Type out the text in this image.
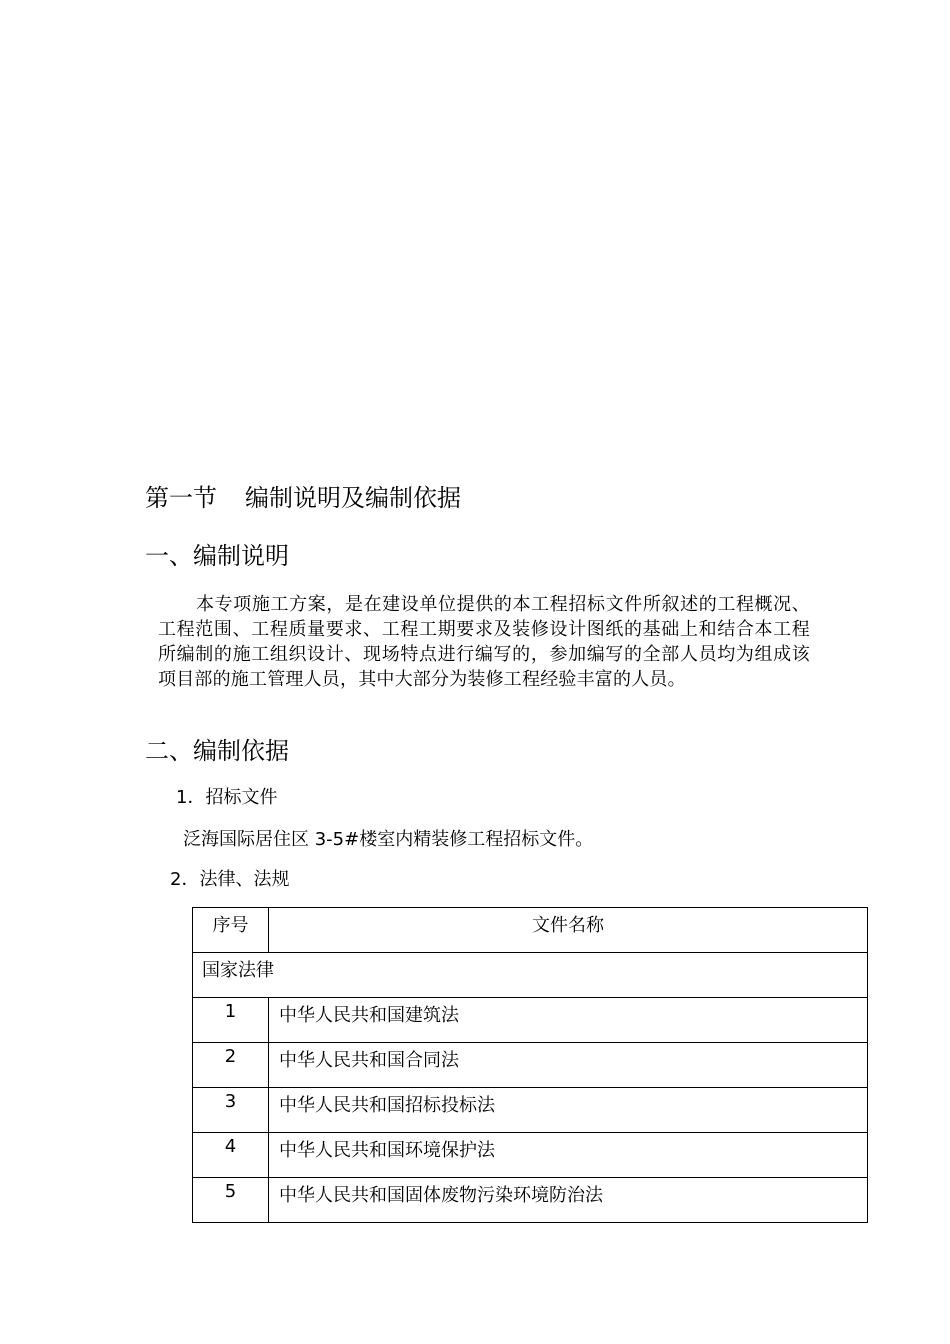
第一节 编制说明及编制依据
一、编制说明
本专项施工方案，是在建设单位提供的本工程招标文件所叙述的工程概况、工程范围、工程质量要求、工程工期要求及装修设计图纸的基础上和结合本工程所编制的施工组织设计、现场特点进行编写的，参加编写的全部人员均为组成该项目部的施工管理人员，其中大部分为装修工程经验丰富的人员。
二、编制依据
1．招标文件
泛海国际居住区 3-5#楼室内精装修工程招标文件。
2．法律、法规
序号	文件名称
国家法律	
1	中华人民共和国建筑法
2	中华人民共和国合同法
3	中华人民共和国招标投标法
4	中华人民共和国环境保护法
5	中华人民共和国固体废物污染环境防治法
